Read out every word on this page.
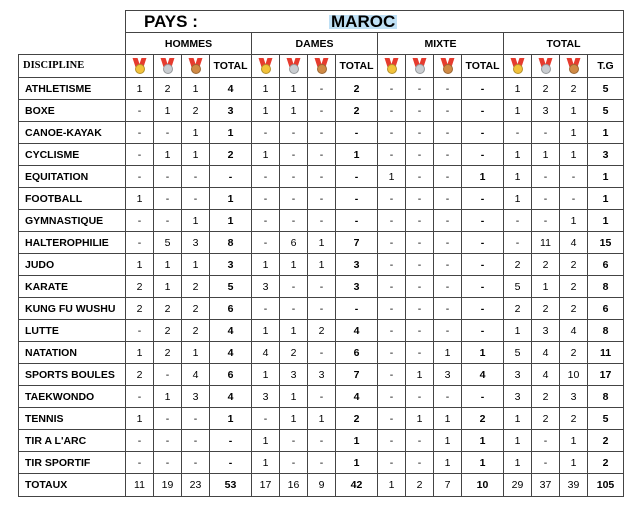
	PAYS : MAROC															

	HOMMES				DAMES				MIXTE				TOTAL			
DISCIPLINE				TOTAL				TOTAL				TOTAL				T.G
ATHLETISME	1	2	1	4	1	1	-	2	-	-	-	-	1	2	2	5
BOXE	-	1	2	3	1	1	-	2	-	-	-	-	1	3	1	5
CANOE-KAYAK	-	-	1	1	-	-	-	-	-	-	-	-	-	-	1	1
CYCLISME	-	1	1	2	1	-	-	1	-	-	-	-	1	1	1	3
EQUITATION	-	-	-	-	-	-	-	-	1	-	-	1	1	-	-	1
FOOTBALL	1	-	-	1	-	-	-	-	-	-	-	-	1	-	-	1
GYMNASTIQUE	-	-	1	1	-	-	-	-	-	-	-	-	-	-	1	1
HALTEROPHILIE	-	5	3	8	-	6	1	7	-	-	-	-	-	11	4	15
JUDO	1	1	1	3	1	1	1	3	-	-	-	-	2	2	2	6
KARATE	2	1	2	5	3	-	-	3	-	-	-	-	5	1	2	8
KUNG FU WUSHU	2	2	2	6	-	-	-	-	-	-	-	-	2	2	2	6
LUTTE	-	2	2	4	1	1	2	4	-	-	-	-	1	3	4	8
NATATION	1	2	1	4	4	2	-	6	-	-	1	1	5	4	2	11
SPORTS BOULES	2	-	4	6	1	3	3	7	-	1	3	4	3	4	10	17
TAEKWONDO	-	1	3	4	3	1	-	4	-	-	-	-	3	2	3	8
TENNIS	1	-	-	1	-	1	1	2	-	1	1	2	1	2	2	5
TIR A L'ARC	-	-	-	-	1	-	-	1	-	-	1	1	1	-	1	2
TIR SPORTIF	-	-	-	-	1	-	-	1	-	-	1	1	1	-	1	2
TOTAUX	11	19	23	53	17	16	9	42	1	2	7	10	29	37	39	105
